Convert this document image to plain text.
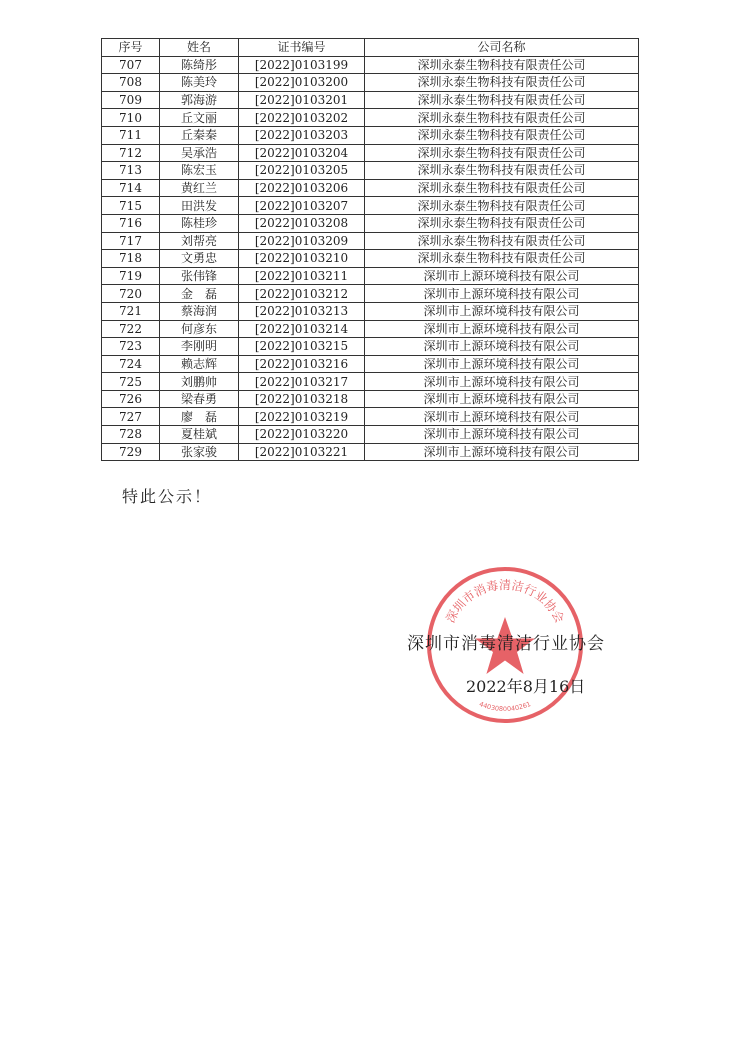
序号	姓名	证书编号	公司名称
707	陈绮彤	[2022]0103199	深圳永泰生物科技有限责任公司
708	陈美玲	[2022]0103200	深圳永泰生物科技有限责任公司
709	郭海游	[2022]0103201	深圳永泰生物科技有限责任公司
710	丘文丽	[2022]0103202	深圳永泰生物科技有限责任公司
711	丘秦秦	[2022]0103203	深圳永泰生物科技有限责任公司
712	吴承浩	[2022]0103204	深圳永泰生物科技有限责任公司
713	陈宏玉	[2022]0103205	深圳永泰生物科技有限责任公司
714	黄红兰	[2022]0103206	深圳永泰生物科技有限责任公司
715	田洪发	[2022]0103207	深圳永泰生物科技有限责任公司
716	陈桂珍	[2022]0103208	深圳永泰生物科技有限责任公司
717	刘帮亮	[2022]0103209	深圳永泰生物科技有限责任公司
718	文勇忠	[2022]0103210	深圳永泰生物科技有限责任公司
719	张伟锋	[2022]0103211	深圳市上源环境科技有限公司
720	金　磊	[2022]0103212	深圳市上源环境科技有限公司
721	蔡海润	[2022]0103213	深圳市上源环境科技有限公司
722	何彦东	[2022]0103214	深圳市上源环境科技有限公司
723	李刚明	[2022]0103215	深圳市上源环境科技有限公司
724	赖志辉	[2022]0103216	深圳市上源环境科技有限公司
725	刘鹏帅	[2022]0103217	深圳市上源环境科技有限公司
726	梁春勇	[2022]0103218	深圳市上源环境科技有限公司
727	廖　磊	[2022]0103219	深圳市上源环境科技有限公司
728	夏桂斌	[2022]0103220	深圳市上源环境科技有限公司
729	张家骏	[2022]0103221	深圳市上源环境科技有限公司
特此公示！
深圳市消毒清洁行业协会
4403080040261
深圳市消毒清洁行业协会
2022年8月16日
